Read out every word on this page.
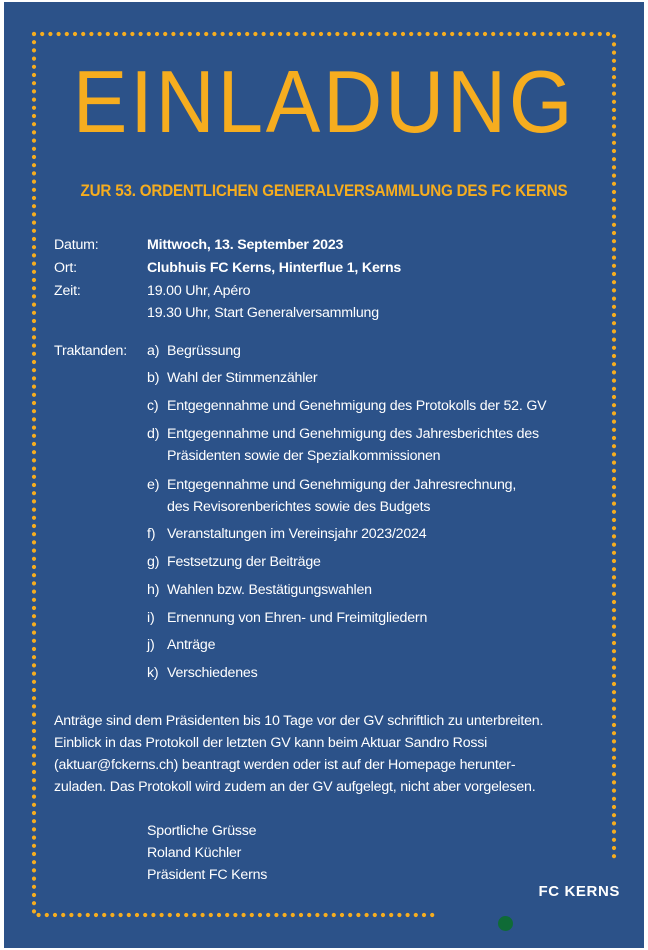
EINLADUNG
ZUR 53. ORDENTLICHEN GENERALVERSAMMLUNG DES FC KERNS
Datum:	Mittwoch, 13. September 2023
Ort:	Clubhuis FC Kerns, Hinterflue 1, Kerns
Zeit:	19.00 Uhr, Apéro
19.30 Uhr, Start Generalversammlung
Traktanden: a) Begrüssung
b) Wahl der Stimmenzähler
c) Entgegennahme und Genehmigung des Protokolls der 52. GV
d) Entgegennahme und Genehmigung des Jahresberichtes des
Präsidenten sowie der Spezialkommissionen
e) Entgegennahme und Genehmigung der Jahresrechnung,
des Revisorenberichtes sowie des Budgets
f) Veranstaltungen im Vereinsjahr 2023/2024
g) Festsetzung der Beiträge
h) Wahlen bzw. Bestätigungswahlen
i) Ernennung von Ehren- und Freimitgliedern
j) Anträge
k) Verschiedenes
Anträge sind dem Präsidenten bis 10 Tage vor der GV schriftlich zu unterbreiten.
Einblick in das Protokoll der letzten GV kann beim Aktuar Sandro Rossi
(aktuar@fckerns.ch) beantragt werden oder ist auf der Homepage herunter-
zuladen. Das Protokoll wird zudem an der GV aufgelegt, nicht aber vorgelesen.
Sportliche Grüsse
Roland Küchler
Präsident FC Kerns
FC KERNS
